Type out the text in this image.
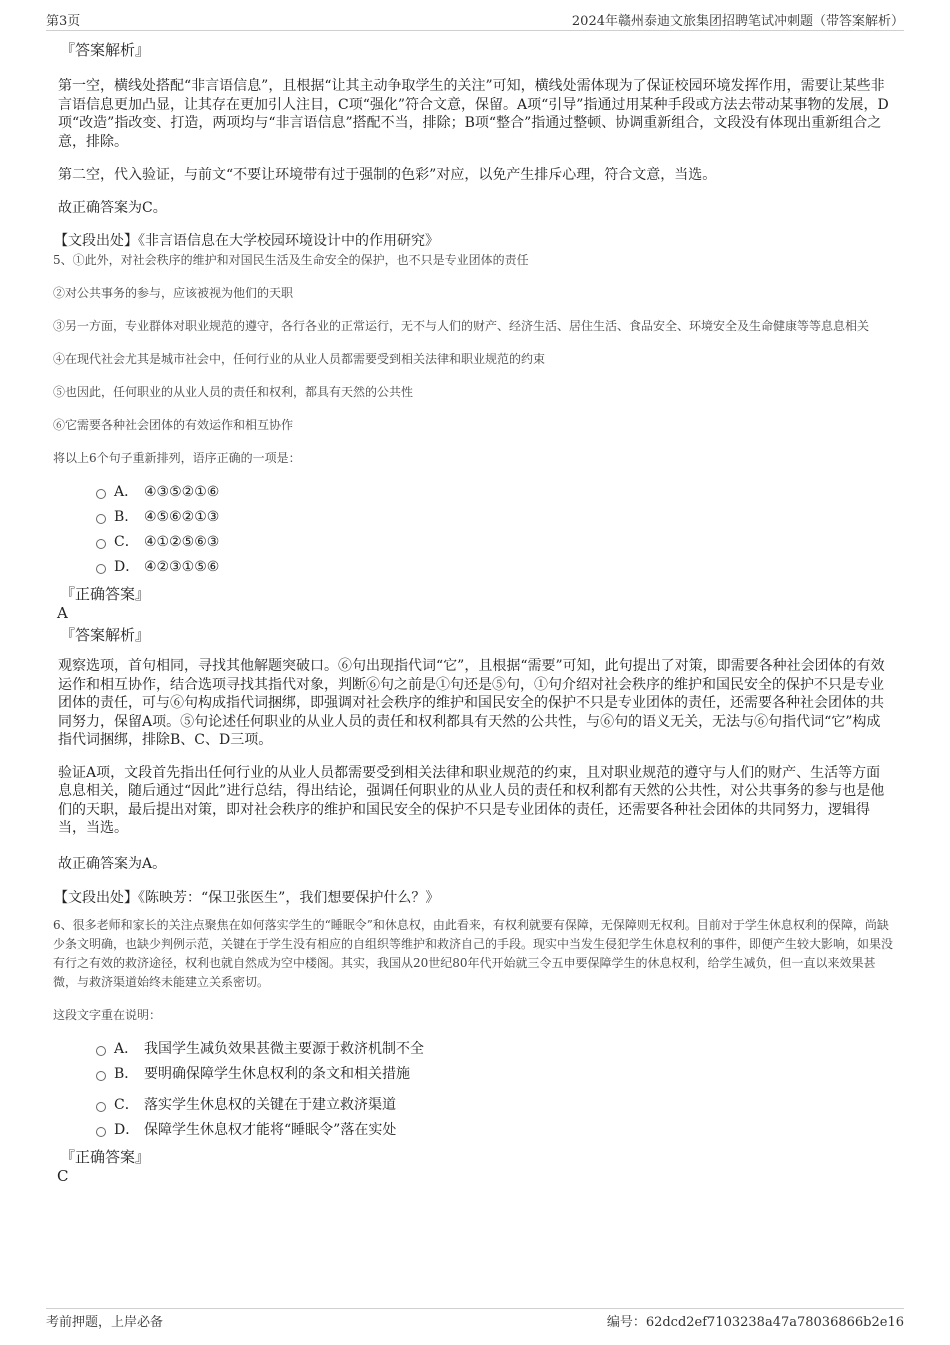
第3页	2024年赣州泰迪文旅集团招聘笔试冲刺题（带答案解析）
『答案解析』
第一空，横线处搭配“非言语信息”，且根据“让其主动争取学生的关注”可知，横线处需体现为了保证校园环境发挥作用，需要让某些非言语信息更加凸显，让其存在更加引人注目，C项“强化”符合文意，保留。A项“引导”指通过用某种手段或方法去带动某事物的发展，D项“改造”指改变、打造，两项均与“非言语信息”搭配不当，排除；B项“整合”指通过整顿、协调重新组合，文段没有体现出重新组合之意，排除。
第二空，代入验证，与前文“不要让环境带有过于强制的色彩”对应，以免产生排斥心理，符合文意，当选。
故正确答案为C。
【文段出处】《非言语信息在大学校园环境设计中的作用研究》
5、①此外，对社会秩序的维护和对国民生活及生命安全的保护，也不只是专业团体的责任
②对公共事务的参与，应该被视为他们的天职
③另一方面，专业群体对职业规范的遵守，各行各业的正常运行，无不与人们的财产、经济生活、居住生活、食品安全、环境安全及生命健康等等息息相关
④在现代社会尤其是城市社会中，任何行业的从业人员都需要受到相关法律和职业规范的约束
⑤也因此，任何职业的从业人员的责任和权利，都具有天然的公共性
⑥它需要各种社会团体的有效运作和相互协作
将以上6个句子重新排列，语序正确的一项是：
A． ④③⑤②①⑥
B. ④⑤⑥②①③
C． ④①②⑤⑥③
D． ④②③①⑤⑥
『正确答案』
A
『答案解析』
观察选项，首句相同，寻找其他解题突破口。⑥句出现指代词“它”，且根据“需要”可知，此句提出了对策，即需要各种社会团体的有效运作和相互协作，结合选项寻找其指代对象，判断⑥句之前是①句还是⑤句，①句介绍对社会秩序的维护和国民安全的保护不只是专业团体的责任，可与⑥句构成指代词捆绑，即强调对社会秩序的维护和国民安全的保护不只是专业团体的责任，还需要各种社会团体的共同努力，保留A项。⑤句论述任何职业的从业人员的责任和权利都具有天然的公共性，与⑥句的语义无关，无法与⑥句指代词“它”构成指代词捆绑，排除B、C、D三项。
验证A项，文段首先指出任何行业的从业人员都需要受到相关法律和职业规范的约束，且对职业规范的遵守与人们的财产、生活等方面息息相关，随后通过“因此”进行总结，得出结论，强调任何职业的从业人员的责任和权利都有天然的公共性，对公共事务的参与也是他们的天职，最后提出对策，即对社会秩序的维护和国民安全的保护不只是专业团体的责任，还需要各种社会团体的共同努力，逻辑得当，当选。
故正确答案为A。
【文段出处】《陈映芳：“保卫张医生”，我们想要保护什么？》
6、很多老师和家长的关注点聚焦在如何落实学生的“睡眠令”和休息权，由此看来，有权利就要有保障，无保障则无权利。目前对于学生休息权利的保障，尚缺少条文明确，也缺少判例示范，关键在于学生没有相应的自组织等维护和救济自己的手段。现实中当发生侵犯学生休息权利的事件，即便产生较大影响，如果没有行之有效的救济途径，权利也就自然成为空中楼阁。其实，我国从20世纪80年代开始就三令五申要保障学生的休息权利，给学生减负，但一直以来效果甚微，与救济渠道始终未能建立关系密切。
这段文字重在说明：
A． 我国学生减负效果甚微主要源于救济机制不全
B． 要明确保障学生休息权利的条文和相关措施
C． 落实学生休息权的关键在于建立救济渠道
D． 保障学生休息权才能将“睡眠令”落在实处
『正确答案』
C
考前押题，上岸必备	编号：62dcd2ef7103238a47a78036866b2e16
